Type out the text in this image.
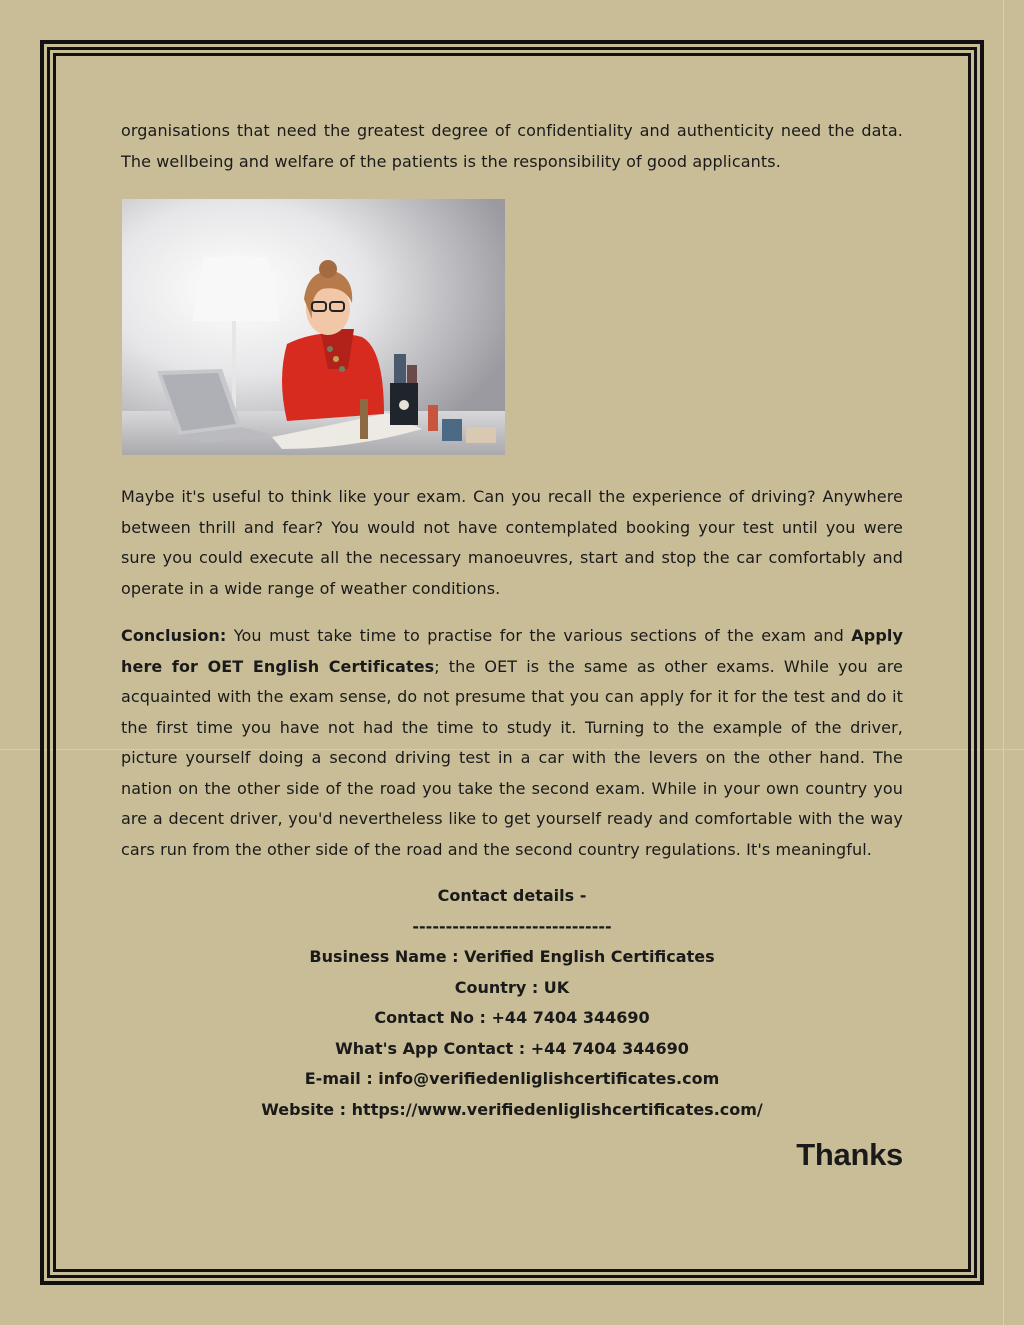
organisations that need the greatest degree of confidentiality and authenticity need the data. The wellbeing and welfare of the patients is the responsibility of good applicants.

Maybe it's useful to think like your exam. Can you recall the experience of driving? Anywhere between thrill and fear? You would not have contemplated booking your test until you were sure you could execute all the necessary manoeuvres, start and stop the car comfortably and operate in a wide range of weather conditions.

Conclusion: You must take time to practise for the various sections of the exam and Apply here for OET English Certificates; the OET is the same as other exams. While you are acquainted with the exam sense, do not presume that you can apply for it for the test and do it the first time you have not had the time to study it. Turning to the example of the driver, picture yourself doing a second driving test in a car with the levers on the other hand. The nation on the other side of the road you take the second exam. While in your own country you are a decent driver, you'd nevertheless like to get yourself ready and comfortable with the way cars run from the other side of the road and the second country regulations. It's meaningful.

Contact details -
------------------------------
Business Name : Verified English Certificates
Country : UK
Contact No : +44 7404 344690
What's App Contact : +44 7404 344690
E-mail : info@verifiedenliglishcertificates.com
Website : https://www.verifiedenliglishcertificates.com/
Thanks
